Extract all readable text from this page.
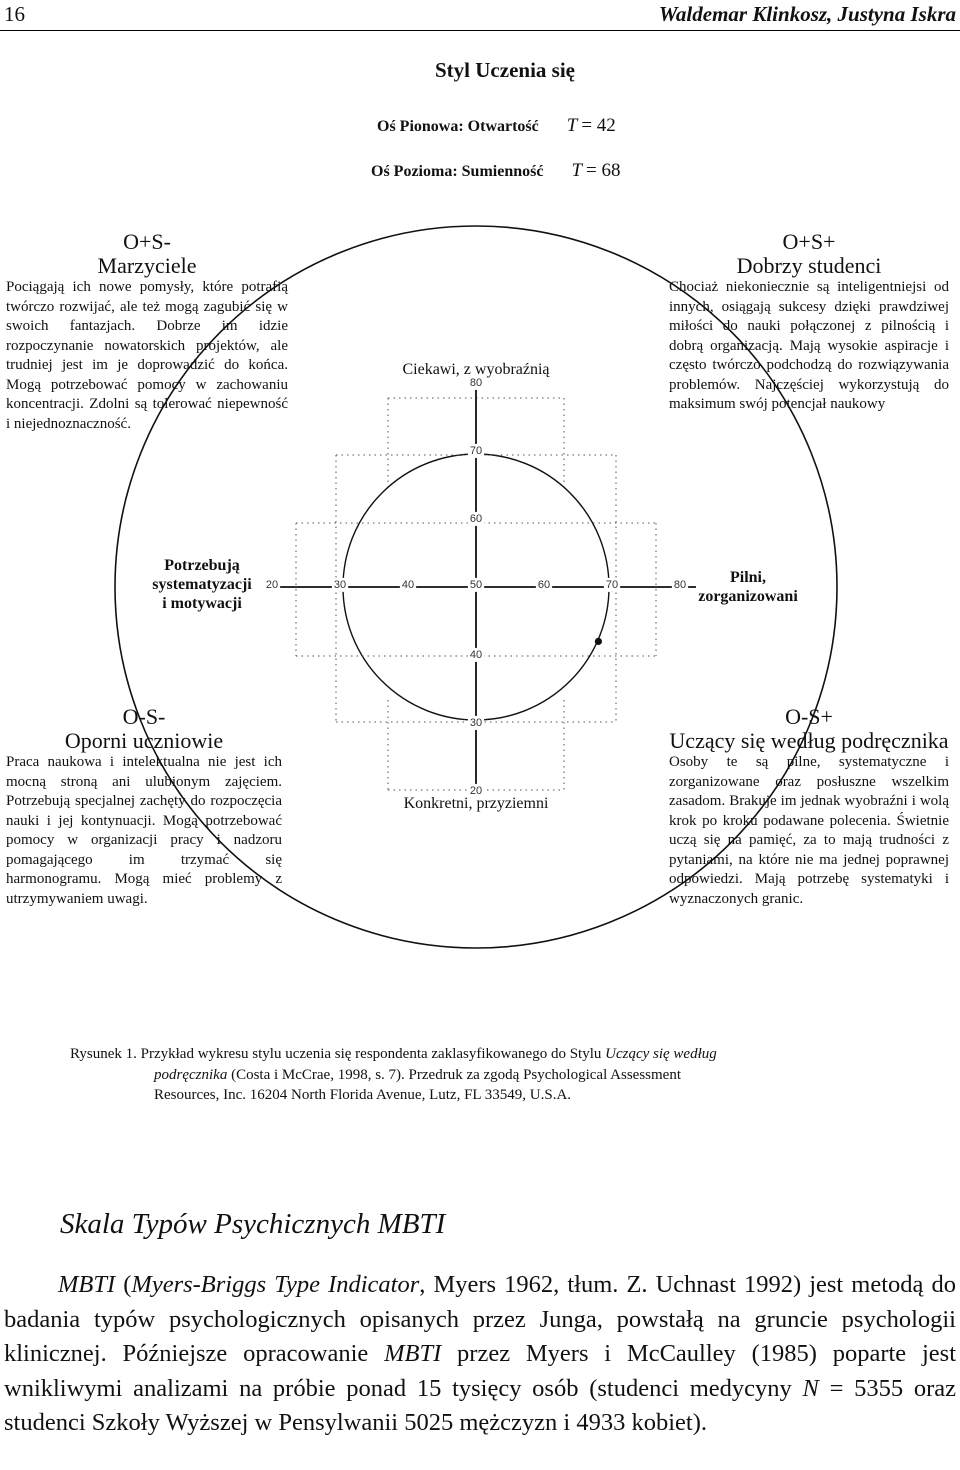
16	Waldemar Klinkosz, Justyna Iskra
Styl Uczenia się
Oś Pionowa: Otwartość T = 42
Oś Pozioma: Sumienność T = 68
20	30	40	50	60	70	80
80
70
60
40
30
20
Ciekawi, z wyobraźnią
Konkretni, przyziemni
Potrzebują
systematyzacji
i motywacji
Pilni,
zorganizowani
O+S-
Marzyciele
Pociągają ich nowe pomysły, które potrafią twórczo rozwijać, ale też mogą zagubić się w swoich fantazjach. Dobrze im idzie rozpoczynanie nowatorskich projektów, ale trudniej jest im je doprowadzić do końca. Mogą potrzebować pomocy w zachowaniu koncentracji. Zdolni są tolerować niepewność i niejednoznaczność.
O+S+
Dobrzy studenci
Chociaż niekoniecznie są inteligentniejsi od innych, osiągają sukcesy dzięki prawdziwej miłości do nauki połączonej z pilnością i dobrą organizacją. Mają wysokie aspiracje i często twórczo podchodzą do rozwiązywania problemów. Najczęściej wykorzystują do maksimum swój potencjał naukowy
O-S-
Oporni uczniowie
Praca naukowa i intelektualna nie jest ich mocną stroną ani ulubionym zajęciem. Potrzebują specjalnej zachęty do rozpoczęcia nauki i jej kontynuacji. Mogą potrzebować pomocy w organizacji pracy i nadzoru pomagającego im trzymać się harmonogramu. Mogą mieć problemy z utrzymywaniem uwagi.
O-S+
Uczący się według podręcznika
Osoby te są pilne, systematyczne i zorganizowane oraz posłuszne wszelkim zasadom. Brakuje im jednak wyobraźni i wolą krok po kroku podawane polecenia. Świetnie uczą się na pamięć, za to mają trudności z pytaniami, na które nie ma jednej poprawnej odpowiedzi. Mają potrzebę systematyki i wyznaczonych granic.
Rysunek 1. Przykład wykresu stylu uczenia się respondenta zaklasyfikowanego do Stylu Uczący się według
podręcznika (Costa i McCrae, 1998, s. 7). Przedruk za zgodą Psychological Assessment
Resources, Inc. 16204 North Florida Avenue, Lutz, FL 33549, U.S.A.
Skala Typów Psychicznych MBTI
MBTI (Myers-Briggs Type Indicator, Myers 1962, tłum. Z. Uchnast 1992) jest metodą do badania typów psychologicznych opisanych przez Junga, powstałą na gruncie psychologii klinicznej. Późniejsze opracowanie MBTI przez Myers i McCaulley (1985) poparte jest wnikliwymi analizami na próbie ponad 15 tysięcy osób (studenci medycyny N = 5355 oraz studenci Szkoły Wyższej w Pensylwanii 5025 mężczyzn i 4933 kobiet).
